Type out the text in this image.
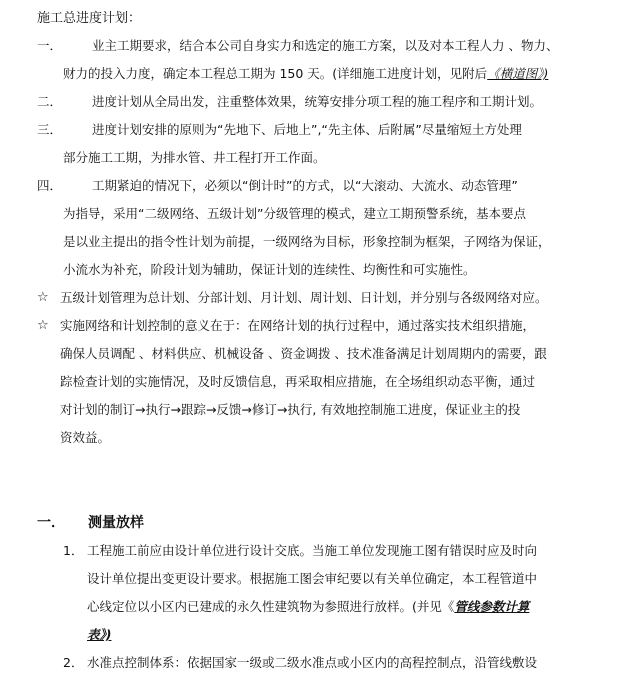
施工总进度计划：
一． 业主工期要求，结合本公司自身实力和选定的施工方案，以及对本工程人力 、物力、
财力的投入力度，确定本工程总工期为 150 天。(详细施工进度计划，见附后《横道图》)
二． 进度计划从全局出发，注重整体效果，统筹安排分项工程的施工程序和工期计划。
三． 进度计划安排的原则为“先地下、后地上”,“先主体、后附属”尽量缩短土方处理
部分施工工期，为排水管、井工程打开工作面。
四． 工期紧迫的情况下，必须以“倒计时”的方式，以“大滚动、大流水、动态管理”
为指导，采用“二级网络、五级计划”分级管理的模式，建立工期预警系统，基本要点
是以业主提出的指令性计划为前提，一级网络为目标，形象控制为框架，子网络为保证，
小流水为补充，阶段计划为辅助，保证计划的连续性、均衡性和可实施性。
☆ 五级计划管理为总计划、分部计划、月计划、周计划、日计划，并分别与各级网络对应。
☆ 实施网络和计划控制的意义在于：在网络计划的执行过程中，通过落实技术组织措施，
确保人员调配 、材料供应、机械设备 、资金调拨 、技术准备满足计划周期内的需要，跟
踪检查计划的实施情况，及时反馈信息，再采取相应措施，在全场组织动态平衡，通过
对计划的制订→执行→跟踪→反馈→修订→执行, 有效地控制施工进度，保证业主的投
资效益。
一． 测量放样
1． 工程施工前应由设计单位进行设计交底。当施工单位发现施工图有错误时应及时向
设计单位提出变更设计要求。根据施工图会审纪要以有关单位确定，本工程管道中
心线定位以小区内已建成的永久性建筑物为参照进行放样。(并见《管线参数计算
表》)
2． 水准点控制体系：依据国家一级或二级水准点或小区内的高程控制点，沿管线敷设
